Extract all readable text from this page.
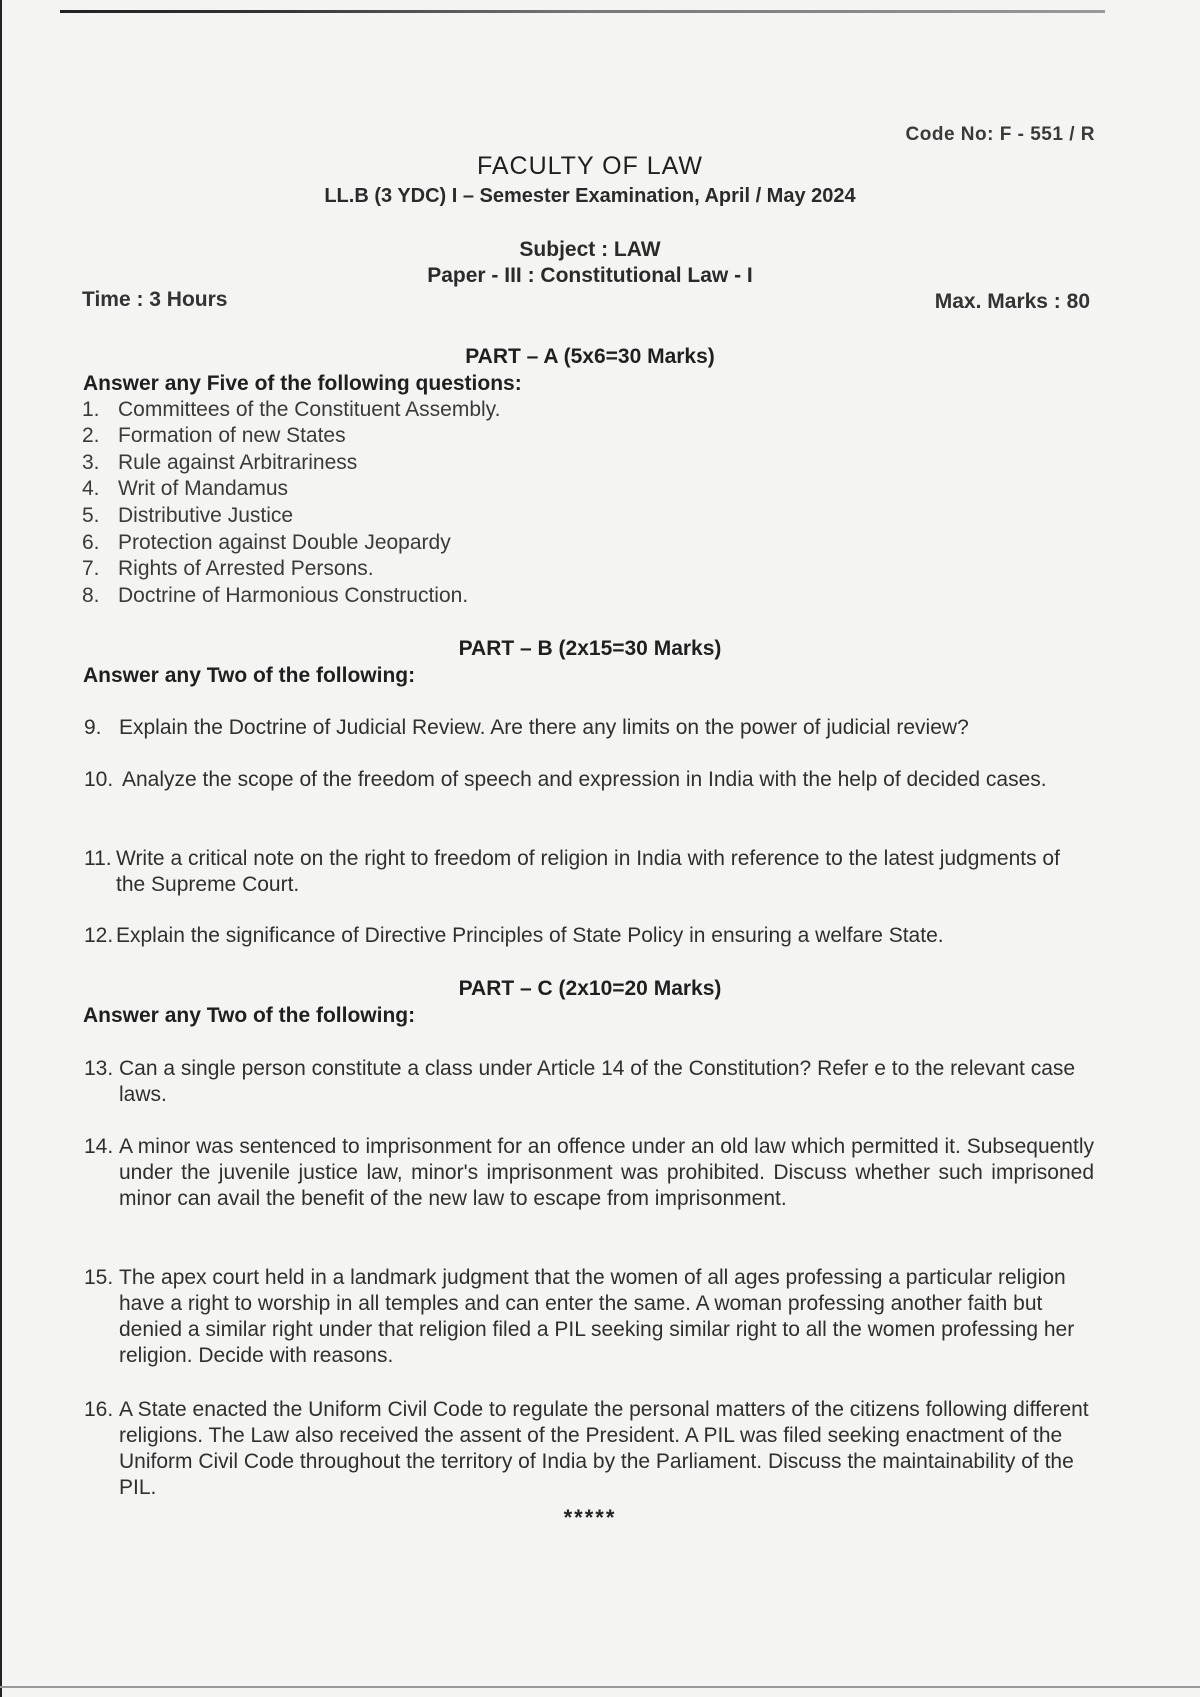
Code No: F - 551 / R
FACULTY OF LAW
LL.B (3 YDC) I – Semester Examination, April / May 2024
Subject : LAW
Paper - III : Constitutional Law - I
Time : 3 Hours	Max. Marks : 80
PART – A (5x6=30 Marks)
Answer any Five of the following questions:
1. Committees of the Constituent Assembly.
2. Formation of new States
3. Rule against Arbitrariness
4. Writ of Mandamus
5. Distributive Justice
6. Protection against Double Jeopardy
7. Rights of Arrested Persons.
8. Doctrine of Harmonious Construction.
PART – B (2x15=30 Marks)
Answer any Two of the following:
9. Explain the Doctrine of Judicial Review. Are there any limits on the power of judicial review?
10. Analyze the scope of the freedom of speech and expression in India with the help of decided cases.
11. Write a critical note on the right to freedom of religion in India with reference to the latest judgments of the Supreme Court.
12. Explain the significance of Directive Principles of State Policy in ensuring a welfare State.
PART – C (2x10=20 Marks)
Answer any Two of the following:
13. Can a single person constitute a class under Article 14 of the Constitution? Refer e to the relevant case laws.
14. A minor was sentenced to imprisonment for an offence under an old law which permitted it. Subsequently under the juvenile justice law, minor's imprisonment was prohibited. Discuss whether such imprisoned minor can avail the benefit of the new law to escape from imprisonment.
15. The apex court held in a landmark judgment that the women of all ages professing a particular religion have a right to worship in all temples and can enter the same. A woman professing another faith but denied a similar right under that religion filed a PIL seeking similar right to all the women professing her religion. Decide with reasons.
16. A State enacted the Uniform Civil Code to regulate the personal matters of the citizens following different religions. The Law also received the assent of the President. A PIL was filed seeking enactment of the Uniform Civil Code throughout the territory of India by the Parliament. Discuss the maintainability of the PIL.
*****
